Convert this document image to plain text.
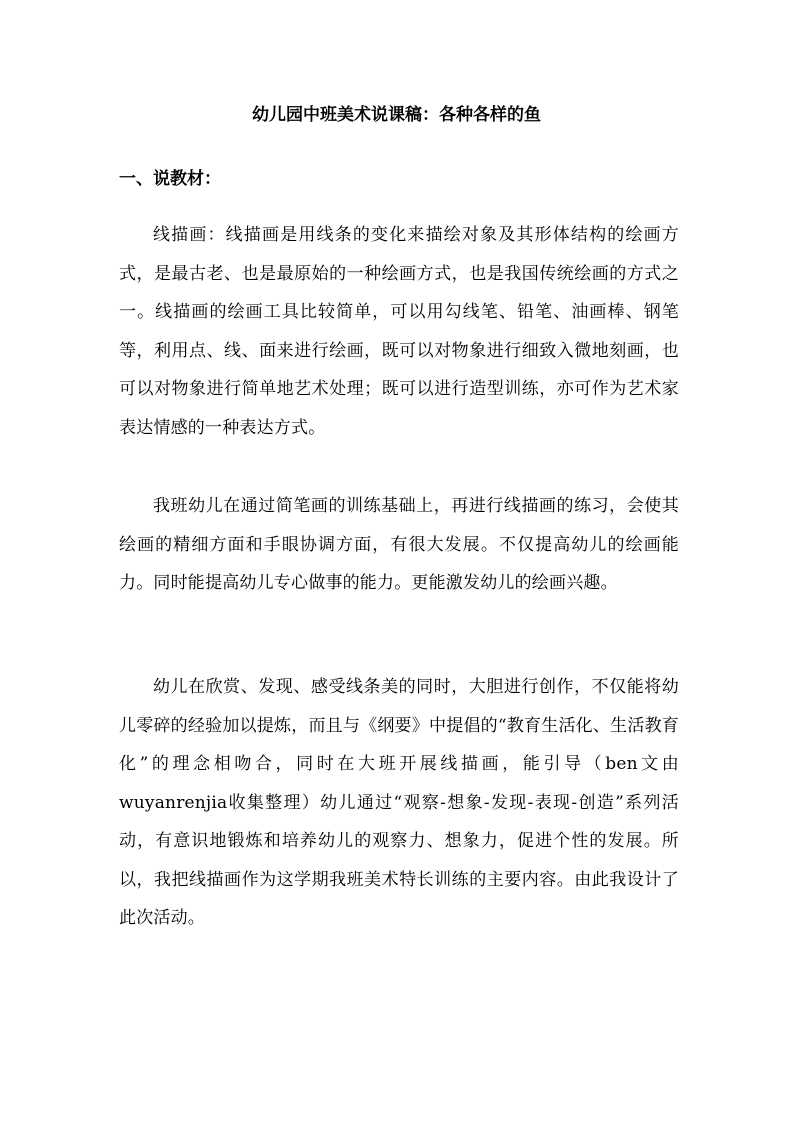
幼儿园中班美术说课稿：各种各样的鱼
一、说教材：

线描画：线描画是用线条的变化来描绘对象及其形体结构的绘画方式，是最古老、也是最原始的一种绘画方式，也是我国传统绘画的方式之一。线描画的绘画工具比较简单，可以用勾线笔、铅笔、油画棒、钢笔等，利用点、线、面来进行绘画，既可以对物象进行细致入微地刻画，也可以对物象进行简单地艺术处理；既可以进行造型训练，亦可作为艺术家表达情感的一种表达方式。

我班幼儿在通过简笔画的训练基础上，再进行线描画的练习，会使其绘画的精细方面和手眼协调方面，有很大发展。不仅提高幼儿的绘画能力。同时能提高幼儿专心做事的能力。更能激发幼儿的绘画兴趣。

幼儿在欣赏、发现、感受线条美的同时，大胆进行创作，不仅能将幼儿零碎的经验加以提炼，而且与《纲要》中提倡的“教育生活化、生活教育化”的理念相吻合，同时在大班开展线描画，能引导（ben文由wuyanrenjia收集整理）幼儿通过“观察-想象-发现-表现-创造”系列活动，有意识地锻炼和培养幼儿的观察力、想象力，促进个性的发展。所以，我把线描画作为这学期我班美术特长训练的主要内容。由此我设计了此次活动。
